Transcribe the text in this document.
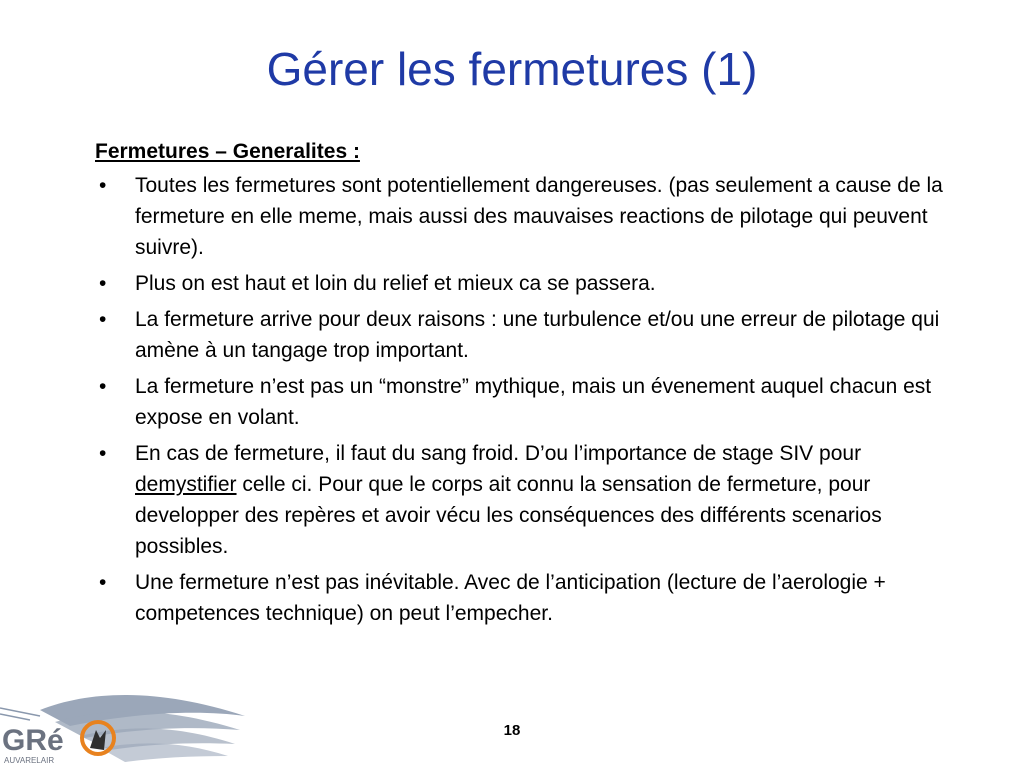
Gérer les fermetures (1)
Fermetures – Generalites :
• Toutes les fermetures sont potentiellement dangereuses. (pas seulement a cause de la fermeture en elle meme, mais aussi des mauvaises reactions de pilotage qui peuvent suivre).
• Plus on est haut et loin du relief et mieux ca se passera.
• La fermeture arrive pour deux raisons : une turbulence et/ou une erreur de pilotage qui amène à un tangage trop important.
• La fermeture n’est pas un “monstre” mythique, mais un évenement auquel chacun est expose en volant.
• En cas de fermeture, il faut du sang froid. D’ou l’importance de stage SIV pour demystifier celle ci. Pour que le corps ait connu la sensation de fermeture, pour developper des repères et avoir vécu les conséquences des différents scenarios possibles.
• Une fermeture n’est pas inévitable. Avec de l’anticipation (lecture de l’aerologie + competences technique) on peut l’empecher.
GRé
AUVARELAIR
18
